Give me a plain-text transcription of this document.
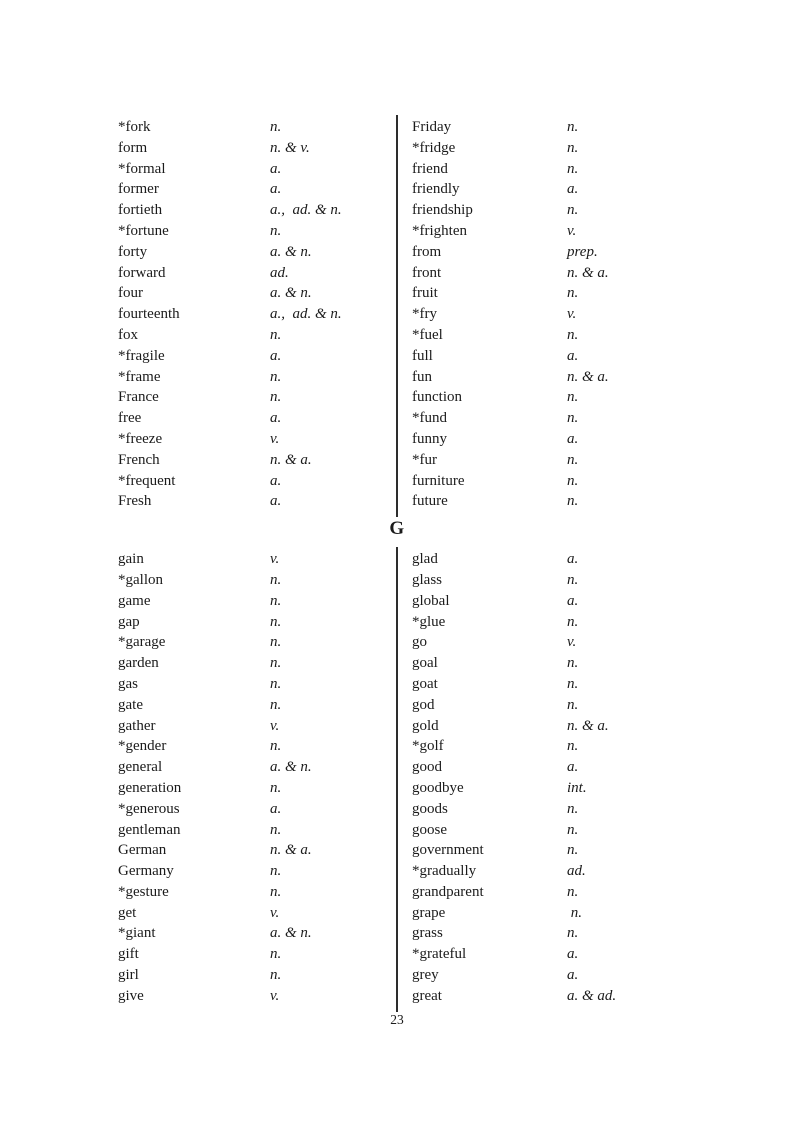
*fork	n.
form	n. & v.
*formal	a.
former	a.
fortieth	a.,  ad. & n.
*fortune	n.
forty	a. & n.
forward	ad.
four	a. & n.
fourteenth	a.,  ad. & n.
fox	n.
*fragile	a.
*frame	n.
France	n.
free	a.
*freeze	v.
French	n. & a.
*frequent	a.
Fresh	a.
Friday	n.
*fridge	n.
friend	n.
friendly	a.
friendship	n.
*frighten	v.
from	prep.
front	n. & a.
fruit	n.
*fry	v.
*fuel	n.
full	a.
fun	n. & a.
function	n.
*fund	n.
funny	a.
*fur	n.
furniture	n.
future	n.
G
gain	v.
*gallon	n.
game	n.
gap	n.
*garage	n.
garden	n.
gas	n.
gate	n.
gather	v.
*gender	n.
general	a. & n.
generation	n.
*generous	a.
gentleman	n.
German	n. & a.
Germany	n.
*gesture	n.
get	v.
*giant	a. & n.
gift	n.
girl	n.
give	v.
glad	a.
glass	n.
global	a.
*glue	n.
go	v.
goal	n.
goat	n.
god	n.
gold	n. & a.
*golf	n.
good	a.
goodbye	int.
goods	n.
goose	n.
government	n.
*gradually	ad.
grandparent	n.
grape	n.
grass	n.
*grateful	a.
grey	a.
great	a. & ad.
23
